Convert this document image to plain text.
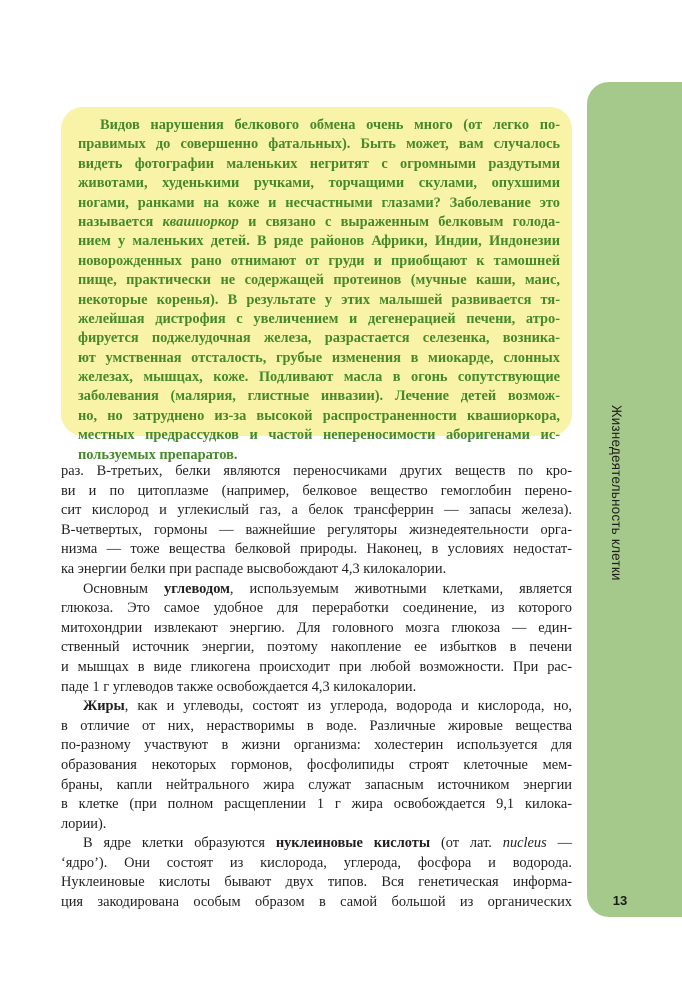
Жизнедеятельность клетки
13
Видов нарушения белкового обмена очень много (от легко по-
правимых до совершенно фатальных). Быть может, вам случалось
видеть фотографии маленьких негритят с огромными раздутыми
животами, худенькими ручками, торчащими скулами, опухшими
ногами, ранками на коже и несчастными глазами? Заболевание это
называется квашиоркор и связано с выраженным белковым голода-
нием у маленьких детей. В ряде районов Африки, Индии, Индонезии
новорожденных рано отнимают от груди и приобщают к тамошней
пище, практически не содержащей протеинов (мучные каши, маис,
некоторые коренья). В результате у этих малышей развивается тя-
желейшая дистрофия с увеличением и дегенерацией печени, атро-
фируется поджелудочная железа, разрастается селезенка, возника-
ют умственная отсталость, грубые изменения в миокарде, слонных
железах, мышцах, коже. Подливают масла в огонь сопутствующие
заболевания (малярия, глистные инвазии). Лечение детей возмож-
но, но затруднено из-за высокой распространенности квашиоркора,
местных предрассудков и частой непереносимости аборигенами ис-
пользуемых препаратов.
раз. В-третьих, белки являются переносчиками других веществ по кро-
ви и по цитоплазме (например, белковое вещество гемоглобин перено-
сит кислород и углекислый газ, а белок трансферрин — запасы железа).
В-четвертых, гормоны — важнейшие регуляторы жизнедеятельности орга-
низма — тоже вещества белковой природы. Наконец, в условиях недостат-
ка энергии белки при распаде высвобождают 4,3 килокалории.
Основным углеводом, используемым животными клетками, является
глюкоза. Это самое удобное для переработки соединение, из которого
митохондрии извлекают энергию. Для головного мозга глюкоза — един-
ственный источник энергии, поэтому накопление ее избытков в печени
и мышцах в виде гликогена происходит при любой возможности. При рас-
паде 1 г углеводов также освобождается 4,3 килокалории.
Жиры, как и углеводы, состоят из углерода, водорода и кислорода, но,
в отличие от них, нерастворимы в воде. Различные жировые вещества
по-разному участвуют в жизни организма: холестерин используется для
образования некоторых гормонов, фосфолипиды строят клеточные мем-
браны, капли нейтрального жира служат запасным источником энергии
в клетке (при полном расщеплении 1 г жира освобождается 9,1 килока-
лории).
В ядре клетки образуются нуклеиновые кислоты (от лат. nucleus —
‘ядро’). Они состоят из кислорода, углерода, фосфора и водорода.
Нуклеиновые кислоты бывают двух типов. Вся генетическая информа-
ция закодирована особым образом в самой большой из органических
